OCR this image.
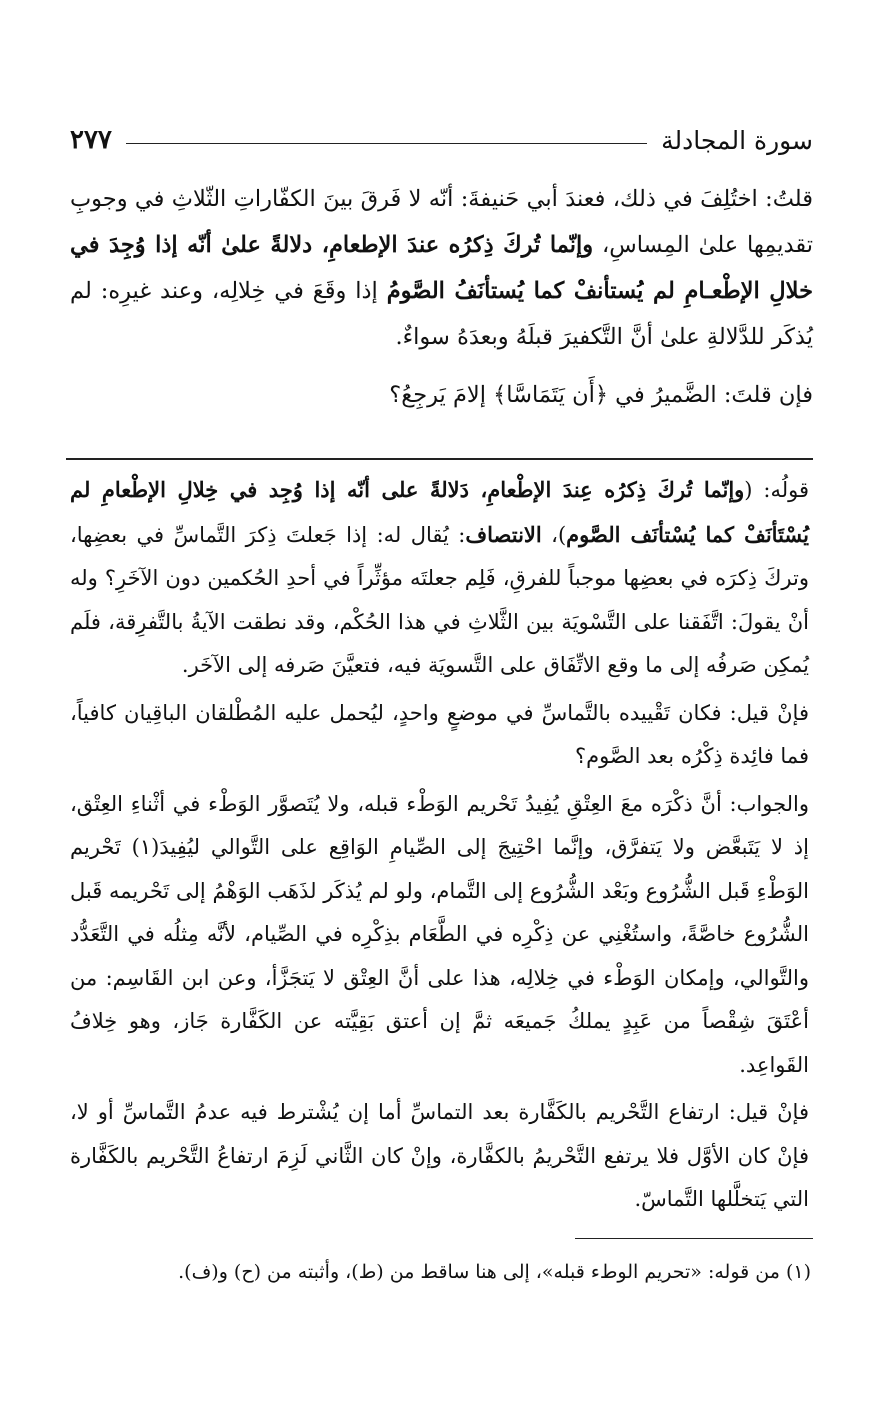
سورة المجادلة
٢٧٧

قلتُ: اختُلِفَ في ذلك، فعندَ أبي حَنيفةَ: أنّه لا فَرقَ بينَ الكفّاراتِ الثّلاثِ في وجوبِ تقديمِها علىٰ المِساسِ، وإنّما تُركَ ذِكرُه عندَ الإطعامِ، دلالةً علىٰ أنّه إذا وُجِدَ في خلالِ الإطْعـامِ لم يُستأنفْ كما يُستأنَفُ الصَّومُ إذا وقَعَ في خِلالِه، وعند غيرِه: لم يُذكَر للدَّلالةِ علىٰ أنَّ التَّكفيرَ قبلَهُ وبعدَهُ سواءٌ.

فإن قلتَ: الضَّميرُ في ﴿أَن يَتَمَاسَّا﴾ إلامَ يَرجِعُ؟

قولُه: (وإنّما تُركَ ذِكرُه عِندَ الإطْعامِ، دَلالةً على أنّه إذا وُجِد في خِلالِ الإطْعامِ لم يُسْتَأنَفْ كما يُسْتأنَف الصَّوم)، الانتصاف: يُقال له: إذا جَعلتَ ذِكرَ التَّماسِّ في بعضِها، وتركَ ذِكرَه في بعضِها موجباً للفرقِ، فَلِم جعلتَه مؤثِّراً في أحدِ الحُكمين دون الآخَرِ؟ وله أنْ يقولَ: اتَّفَقنا على التَّسْويَة بين الثَّلاثِ في هذا الحُكْم، وقد نطقت الآيةُ بالتَّفرِقة، فلَم يُمكِن صَرفُه إلى ما وقع الاتِّفَاق على التَّسويَة فيه، فتعيَّنَ صَرفه إلى الآخَر.

فإنْ قيل: فكان تَقْييده بالتَّماسِّ في موضعٍ واحدٍ، ليُحمل عليه المُطْلقان الباقِيان كافياً، فما فائِدة ذِكْرُه بعد الصَّوم؟

والجواب: أنَّ ذكْرَه معَ العِتْقِ يُفِيدُ تَحْريم الوَطْء قبله، ولا يُتَصوَّر الوَطْء في أثْناءِ العِتْق، إذ لا يَتَبعَّض ولا يَتفرَّق، وإنَّما احْتِيجَ إلى الصِّيامِ الوَاقِع على التَّوالي ليُفِيدَ(١) تَحْريم الوَطْءِ قَبل الشُّرُوع وبَعْد الشُّرُوع إلى التَّمام، ولو لم يُذكَر لذَهَب الوَهْمُ إلى تَحْريمه قَبل الشُّرُوع خاصَّةً، واستُغْنِي عن ذِكْرِه في الطَّعَام بذِكْرِه في الصِّيام، لأنَّه مِثلُه في التَّعَدُّد والتَّوالي، وإمكان الوَطْء في خِلالِه، هذا على أنَّ العِتْق لا يَتجَزَّأ، وعن ابن القَاسِم: من أعْتَقَ شِقْصاً من عَبِدٍ يملكُ جَميعَه ثمَّ إن أعتق بَقِيَّته عن الكَفَّارة جَاز، وهو خِلافُ القَواعِد.

فإنْ قيل: ارتفاع التَّحْريم بالكَفَّارة بعد التماسِّ أما إن يُشْترط فيه عدمُ التَّماسِّ أو لا، فإنْ كان الأوَّل فلا يرتفع التَّحْريمُ بالكفَّارة، وإنْ كان الثَّاني لَزِمَ ارتفاعُ التَّحْريم بالكَفَّارة التي يَتخلَّلها التَّماسّ.

(١) من قوله: «تحريم الوطء قبله»، إلى هنا ساقط من (ط)، وأثبته من (ح) و(ف).
